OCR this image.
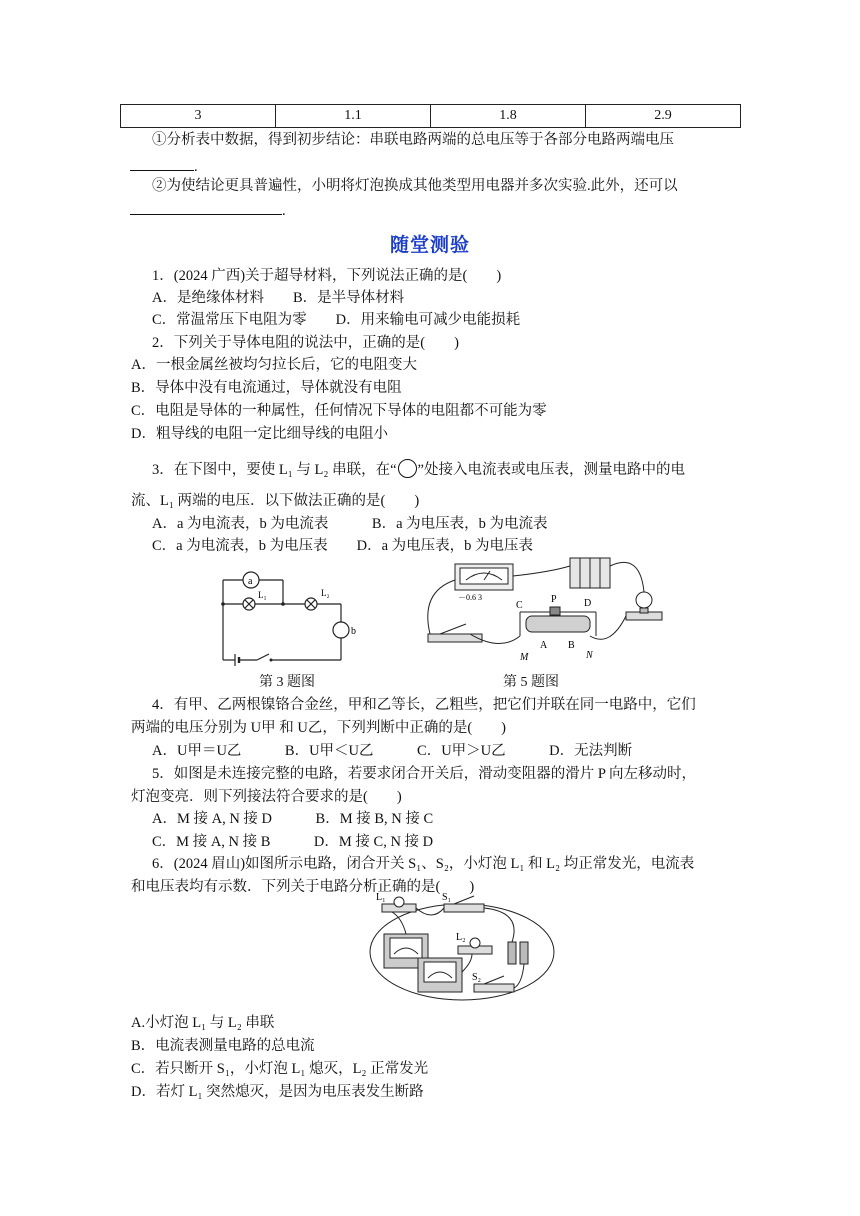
3	1.1	1.8	2.9
①分析表中数据，得到初步结论：串联电路两端的总电压等于各部分电路两端电压
.
②为使结论更具普遍性，小明将灯泡换成其他类型用电器并多次实验.此外，还可以
.
随堂测验
1．(2024 广西)关于超导材料，下列说法正确的是(　　)
A．是绝缘体材料　　B．是半导体材料
C．常温常压下电阻为零　　D．用来输电可减少电能损耗
2．下列关于导体电阻的说法中，正确的是(　　)
A．一根金属丝被均匀拉长后，它的电阻变大
B．导体中没有电流通过，导体就没有电阻
C．电阻是导体的一种属性，任何情况下导体的电阻都不可能为零
D．粗导线的电阻一定比细导线的电阻小
3．在下图中，要使 L₁ 与 L₂ 串联，在“ ”处接入电流表或电压表，测量电路中的电
流、L₁ 两端的电压．以下做法正确的是(　　)
A．a 为电流表，b 为电流表　　　B．a 为电压表，b 为电流表
C．a 为电流表，b 为电压表　　D．a 为电压表，b 为电压表
a
L₁	L₂
b
第 3 题图
－0.6 3
C
P	D
A B
M	N
第 5 题图
4．有甲、乙两根镍铬合金丝，甲和乙等长，乙粗些，把它们并联在同一电路中，它们
两端的电压分别为 U甲 和 U乙，下列判断中正确的是(　　)
A．U甲＝U乙　　　B．U甲＜U乙　　　C．U甲＞U乙　　　D．无法判断
5．如图是未连接完整的电路，若要求闭合开关后，滑动变阻器的滑片 P 向左移动时，
灯泡变亮．则下列接法符合要求的是(　　)
A．M 接 A, N 接 D　　　B．M 接 B, N 接 C
C．M 接 A, N 接 B　　　D．M 接 C, N 接 D
6．(2024 眉山)如图所示电路，闭合开关 S₁、S₂，小灯泡 L₁ 和 L₂ 均正常发光，电流表
和电压表均有示数．下列关于电路分析正确的是(　　)
L₁	S₁
L₂
S₂
A.小灯泡 L₁ 与 L₂ 串联
B．电流表测量电路的总电流
C．若只断开 S₁，小灯泡 L₁ 熄灭，L₂ 正常发光
D．若灯 L₁ 突然熄灭，是因为电压表发生断路
